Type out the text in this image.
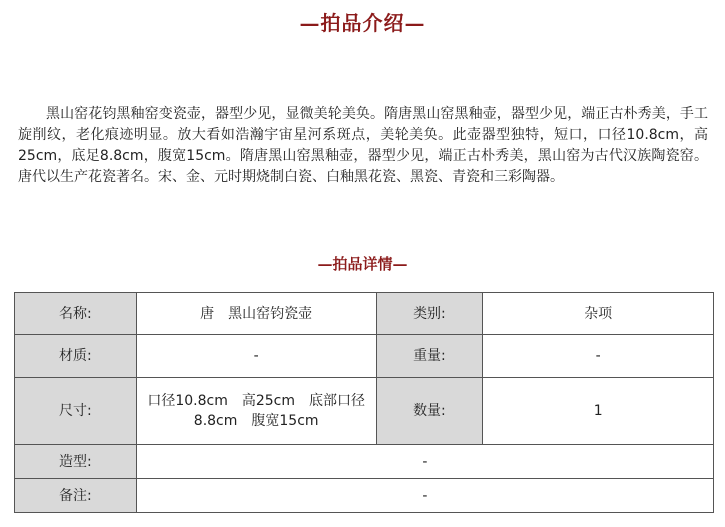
—拍品介绍—

黑山窑花钧黑釉窑变瓷壶，器型少见，显微美轮美奂。隋唐黑山窑黑釉壶，器型少见，端正古朴秀美，手工旋削纹，老化痕迹明显。放大看如浩瀚宇宙星河系斑点，美轮美奂。此壶器型独特，短口，口径10.8cm，高25cm，底足8.8cm，腹宽15cm。隋唐黑山窑黑釉壶，器型少见，端正古朴秀美，黑山窑为古代汉族陶瓷窑。唐代以生产花瓷著名。宋、金、元时期烧制白瓷、白釉黑花瓷、黑瓷、青瓷和三彩陶器。

—拍品详情—
名称:	唐　黑山窑钧瓷壶	类别:	杂项
材质:	-	重量:	-
尺寸:	口径10.8cm　高25cm　底部口径8.8cm　腹宽15cm	数量:	1
造型:	-		
备注:	-		
